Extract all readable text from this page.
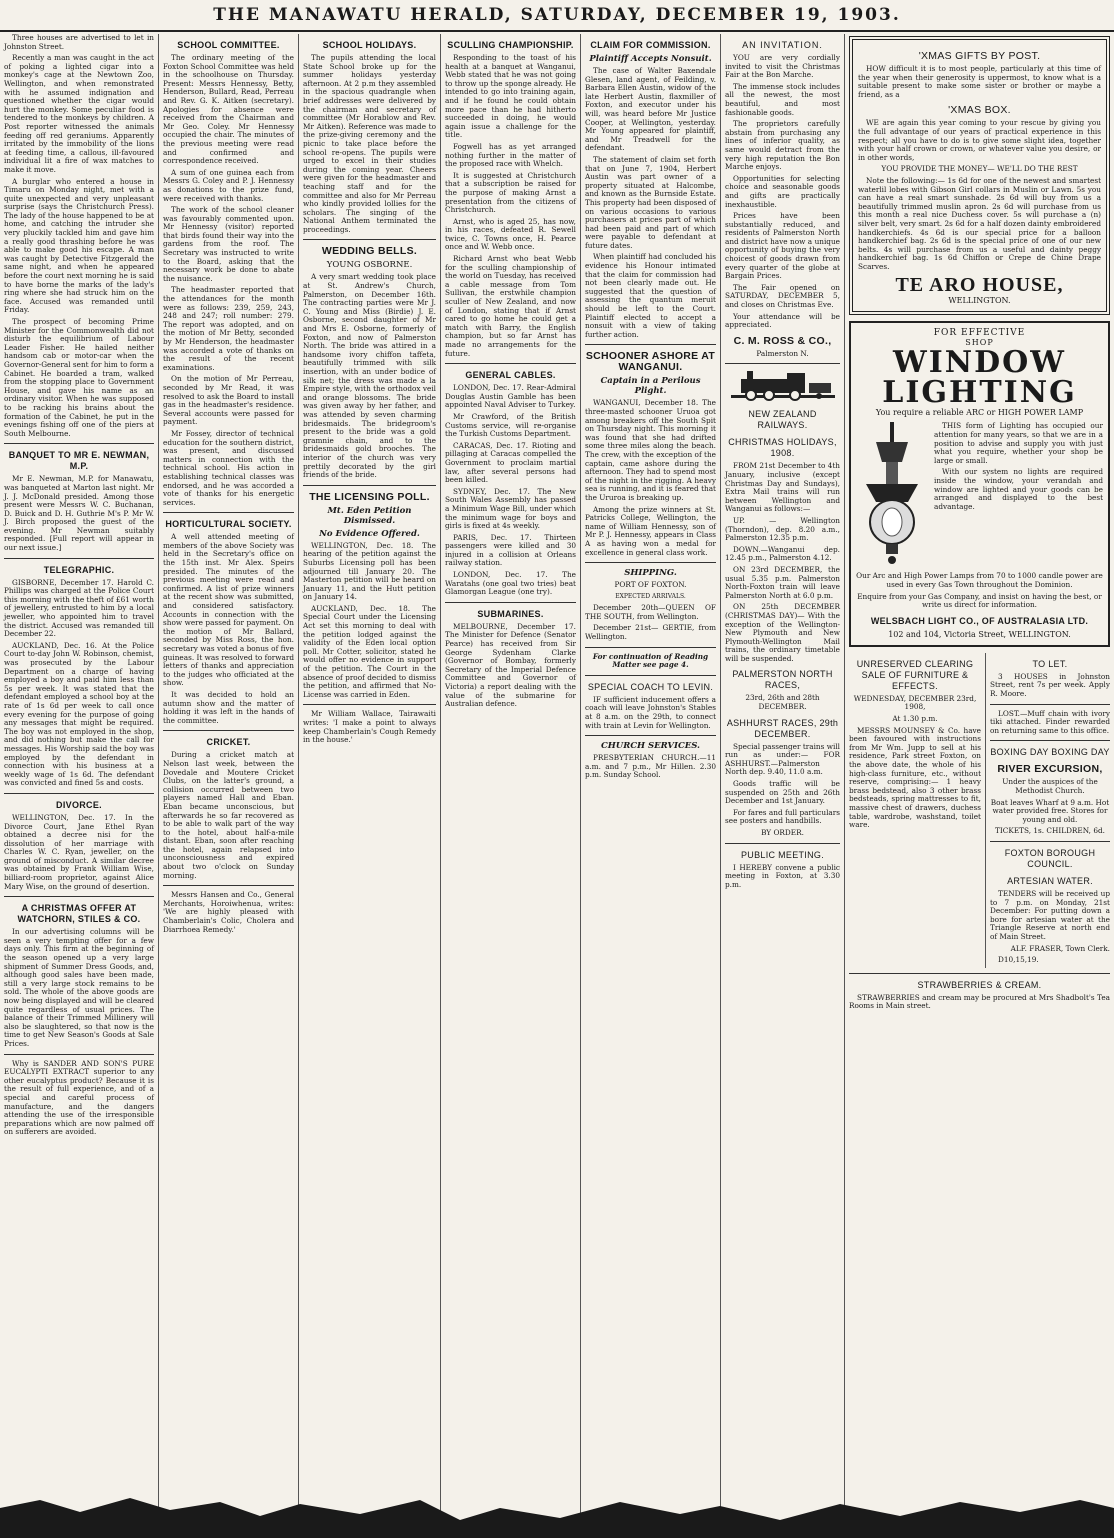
THE MANAWATU HERALD, SATURDAY, DECEMBER 19, 1903.

Three houses are advertised to let in Johnston Street.

Recently a man was caught in the act of poking a lighted cigar into a monkey's cage at the Newtown Zoo, Wellington, and when remonstrated with he assumed indignation and questioned whether the cigar would hurt the monkey. Some peculiar food is tendered to the monkeys by children. A Post reporter witnessed the animals feeding off red geraniums. Apparently irritated by the immobility of the lions at feeding time, a callous, ill-favoured individual lit a fire of wax matches to make it move.

A burglar who entered a house in Timaru on Monday night, met with a quite unexpected and very unpleasant surprise (says the Christchurch Press). The lady of the house happened to be at home, and catching the intruder she very pluckily tackled him and gave him a really good thrashing before he was able to make good his escape. A man was caught by Detective Fitzgerald the same night, and when he appeared before the court next morning he is said to have borne the marks of the lady's ring where she had struck him on the face. Accused was remanded until Friday.

The prospect of becoming Prime Minister for the Commonwealth did not disturb the equilibrium of Labour Leader Fisher. He hailed neither handsom cab or motor-car when the Governor-General sent for him to form a Cabinet. He boarded a tram, walked from the stopping place to Government House, and gave his name as an ordinary visitor. When he was supposed to be racking his brains about the formation of the Cabinet, he put in the evenings fishing off one of the piers at South Melbourne.

BANQUET TO MR E. NEWMAN, M.P.

Mr E. Newman, M.P. for Manawatu, was banqueted at Marton last night. Mr J. J. McDonald presided. Among those present were Messrs W. C. Buchanan, D. Buick and D. H. Guthrie M's P. Mr W. J. Birch proposed the guest of the evening. Mr Newman suitably responded. [Full report will appear in our next issue.]

TELEGRAPHIC.

GISBORNE, December 17. Harold C. Phillips was charged at the Police Court this morning with the theft of £61 worth of jewellery, entrusted to him by a local jeweller, who appointed him to travel the district. Accused was remanded till December 22.

AUCKLAND, Dec. 16. At the Police Court to-day John W. Robinson, chemist, was prosecuted by the Labour Department on a charge of having employed a boy and paid him less than 5s per week. It was stated that the defendant employed a school boy at the rate of 1s 6d per week to call once every evening for the purpose of going any messages that might be required. The boy was not employed in the shop, and did nothing but make the call for messages. His Worship said the boy was employed by the defendant in connection with his business at a weekly wage of 1s 6d. The defendant was convicted and fined 5s and costs.

DIVORCE.

WELLINGTON, Dec. 17. In the Divorce Court, Jane Ethel Ryan obtained a decree nisi for the dissolution of her marriage with Charles W. C. Ryan, jeweller, on the ground of misconduct. A similar decree was obtained by Frank William Wise, billiard-room proprietor, against Alice Mary Wise, on the ground of desertion.

A CHRISTMAS OFFER AT WATCHORN, STILES & CO.

In our advertising columns will be seen a very tempting offer for a few days only. This firm at the beginning of the season opened up a very large shipment of Summer Dress Goods, and, although good sales have been made, still a very large stock remains to be sold. The whole of the above goods are now being displayed and will be cleared quite regardless of usual prices. The balance of their Trimmed Millinery will also be slaughtered, so that now is the time to get New Season's Goods at Sale Prices.

Why is SANDER AND SON'S PURE EUCALYPTI EXTRACT superior to any other eucalyptus product? Because it is the result of full experience, and of a special and careful process of manufacture, and the dangers attending the use of the irresponsible preparations which are now palmed off on sufferers are avoided.

SCHOOL COMMITTEE.

The ordinary meeting of the Foxton School Committee was held in the schoolhouse on Thursday. Present: Messrs Hennessy, Betty, Henderson, Bullard, Read, Perreau and Rev. G. K. Aitken (secretary). Apologies for absence were received from the Chairman and Mr Geo. Coley. Mr Hennessy occupied the chair. The minutes of the previous meeting were read and confirmed and correspondence received.

A sum of one guinea each from Messrs G. Coley and P. J. Hennessy as donations to the prize fund, were received with thanks.

The work of the school cleaner was favourably commented upon. Mr Hennessy (visitor) reported that birds found their way into the gardens from the roof. The Secretary was instructed to write to the Board, asking that the necessary work be done to abate the nuisance.

The headmaster reported that the attendances for the month were as follows: 239, 259, 243, 248 and 247; roll number: 279. The report was adopted, and on the motion of Mr Betty, seconded by Mr Henderson, the headmaster was accorded a vote of thanks on the result of the recent examinations.

On the motion of Mr Perreau, seconded by Mr Read, it was resolved to ask the Board to install gas in the headmaster's residence. Several accounts were passed for payment.

Mr Fossey, director of technical education for the southern district, was present, and discussed matters in connection with the technical school. His action in establishing technical classes was endorsed, and he was accorded a vote of thanks for his energetic services.

HORTICULTURAL SOCIETY.

A well attended meeting of members of the above Society was held in the Secretary's office on the 15th inst. Mr Alex. Speirs presided. The minutes of the previous meeting were read and confirmed. A list of prize winners at the recent show was submitted, and considered satisfactory. Accounts in connection with the show were passed for payment. On the motion of Mr Ballard, seconded by Miss Ross, the hon. secretary was voted a bonus of five guineas. It was resolved to forward letters of thanks and appreciation to the judges who officiated at the show.

It was decided to hold an autumn show and the matter of holding it was left in the hands of the committee.

CRICKET.

During a cricket match at Nelson last week, between the Dovedale and Moutere Cricket Clubs, on the latter's ground, a collision occurred between two players named Hall and Eban. Eban became unconscious, but afterwards he so far recovered as to be able to walk part of the way to the hotel, about half-a-mile distant. Eban, soon after reaching the hotel, again relapsed into unconsciousness and expired about two o'clock on Sunday morning.

Messrs Hansen and Co., General Merchants, Horoiwhenua, writes: 'We are highly pleased with Chamberlain's Colic, Cholera and Diarrhoea Remedy.'

SCHOOL HOLIDAYS.

The pupils attending the local State School broke up for the summer holidays yesterday afternoon. At 2 p.m they assembled in the spacious quadrangle when brief addresses were delivered by the chairman and secretary of committee (Mr Horablow and Rev. Mr Aitken). Reference was made to the prize-giving ceremony and the picnic to take place before the school re-opens. The pupils were urged to excel in their studies during the coming year. Cheers were given for the headmaster and teaching staff and for the committee and also for Mr Perreau who kindly provided lollies for the scholars. The singing of the National Anthem terminated the proceedings.

WEDDING BELLS.
YOUNG OSBORNE.

A very smart wedding took place at St. Andrew's Church, Palmerston, on December 16th. The contracting parties were Mr J. C. Young and Miss (Birdie) J. E. Osborne, second daughter of Mr and Mrs E. Osborne, formerly of Foxton, and now of Palmerston North. The bride was attired in a handsome ivory chiffon taffeta, beautifully trimmed with silk insertion, with an under bodice of silk net; the dress was made a la Empire style, with the orthodox veil and orange blossoms. The bride was given away by her father, and was attended by seven charming bridesmaids. The bridegroom's present to the bride was a gold gramnie chain, and to the bridesmaids gold brooches. The interior of the church was very prettily decorated by the girl friends of the bride.

THE LICENSING POLL.
Mt. Eden Petition Dismissed.
No Evidence Offered.

WELLINGTON, Dec. 18. The hearing of the petition against the Suburbs Licensing poll has been adjourned till January 20. The Masterton petition will be heard on January 11, and the Hutt petition on January 14.

AUCKLAND, Dec. 18. The Special Court under the Licensing Act set this morning to deal with the petition lodged against the validity of the Eden local option poll. Mr Cotter, solicitor, stated he would offer no evidence in support of the petition. The Court in the absence of proof decided to dismiss the petition, and affirmed that No-License was carried in Eden.

Mr William Wallace, Tairawaiti writes: 'I make a point to always keep Chamberlain's Cough Remedy in the house.'

SCULLING CHAMPIONSHIP.

Responding to the toast of his health at a banquet at Wanganui, Webb stated that he was not going to throw up the sponge already. He intended to go into training again, and if he found he could obtain more pace than he had hitherto succeeded in doing, he would again issue a challenge for the title.

Fogwell has as yet arranged nothing further in the matter of the proposed race with Whelch.

It is suggested at Christchurch that a subscription be raised for the purpose of making Arnst a presentation from the citizens of Christchurch.

Arnst, who is aged 25, has now, in his races, defeated R. Sewell twice, C. Towns once, H. Pearce once and W. Webb once.

Richard Arnst who beat Webb for the sculling championship of the world on Tuesday, has received a cable message from Tom Sullivan, the erstwhile champion sculler of New Zealand, and now of London, stating that if Arnst cared to go home he could get a match with Barry, the English champion, but so far Arnst has made no arrangements for the future.

GENERAL CABLES.

LONDON, Dec. 17. Rear-Admiral Douglas Austin Gamble has been appointed Naval Adviser to Turkey.

Mr Crawford, of the British Customs service, will re-organise the Turkish Customs Department.

CARACAS, Dec. 17. Rioting and pillaging at Caracas compelled the Government to proclaim martial law, after several persons had been killed.

SYDNEY, Dec. 17. The New South Wales Assembly has passed a Minimum Wage Bill, under which the minimum wage for boys and girls is fixed at 4s weekly.

PARIS, Dec. 17. Thirteen passengers were killed and 30 injured in a collision at Orleans railway station.

LONDON, Dec. 17. The Waratahs (one goal two tries) beat Glamorgan League (one try).

SUBMARINES.

MELBOURNE, December 17. The Minister for Defence (Senator Pearce) has received from Sir George Sydenham Clarke (Governor of Bombay, formerly Secretary of the Imperial Defence Committee and Governor of Victoria) a report dealing with the value of the submarine for Australian defence.

CLAIM FOR COMMISSION.
Plaintiff Accepts Nonsuit.

The case of Walter Baxendale Glesen, land agent, of Feilding, v. Barbara Ellen Austin, widow of the late Herbert Austin, flaxmiller of Foxton, and executor under his will, was heard before Mr Justice Cooper, at Wellington, yesterday. Mr Young appeared for plaintiff, and Mr Treadwell for the defendant.

The statement of claim set forth that on June 7, 1904, Herbert Austin was part owner of a property situated at Halcombe, and known as the Burnside Estate. This property had been disposed of on various occasions to various purchasers at prices part of which had been paid and part of which were payable to defendant at future dates.

When plaintiff had concluded his evidence his Honour intimated that the claim for commission had not been clearly made out. He suggested that the question of assessing the quantum meruit should be left to the Court. Plaintiff elected to accept a nonsuit with a view of taking further action.

SCHOONER ASHORE AT WANGANUI.
Captain in a Perilous Plight.

WANGANUI, December 18. The three-masted schooner Uruoa got among breakers off the South Spit on Thursday night. This morning it was found that she had drifted some three miles along the beach. The crew, with the exception of the captain, came ashore during the afternoon. They had to spend most of the night in the rigging. A heavy sea is running, and it is feared that the Ururoa is breaking up.

Among the prize winners at St. Patricks College, Wellington, the name of William Hennessy, son of Mr P. J. Hennessy, appears in Class A as having won a medal for excellence in general class work.

SHIPPING.

PORT OF FOXTON.

EXPECTED ARRIVALS.

December 20th—QUEEN OF THE SOUTH, from Wellington.

December 21st— GERTIE, from Wellington.

For continuation of Reading Matter see page 4.

SPECIAL COACH TO LEVIN.

IF sufficient inducement offers a coach will leave Johnston's Stables at 8 a.m. on the 29th, to connect with train at Levin for Wellington.

CHURCH SERVICES.

PRESBYTERIAN CHURCH.—11 a.m. and 7 p.m., Mr Hillen. 2.30 p.m. Sunday School.

AN INVITATION.

YOU are very cordially invited to visit the Christmas Fair at the Bon Marche.

The immense stock includes all the newest, the most beautiful, and most fashionable goods.

The proprietors carefully abstain from purchasing any lines of inferior quality, as same would detract from the very high reputation the Bon Marche enjoys.

Opportunities for selecting choice and seasonable goods and gifts are practically inexhaustible.

Prices have been substantially reduced, and residents of Palmerston North and district have now a unique opportunity of buying the very choicest of goods drawn from every quarter of the globe at Bargain Prices.

The Fair opened on SATURDAY, DECEMBER 5, and closes on Christmas Eve.

Your attendance will be appreciated.

C. M. ROSS & CO.,

Palmerston N.

NEW ZEALAND RAILWAYS.
CHRISTMAS HOLIDAYS, 1908.

FROM 21st December to 4th January, inclusive (except Christmas Day and Sundays), Extra Mail trains will run between Wellington and Wanganui as follows:—

UP. — Wellington (Thorndon), dep. 8.20 a.m., Palmerston 12.35 p.m.

DOWN.—Wanganui dep. 12.45 p.m., Palmerston 4.12.

ON 23rd DECEMBER, the usual 5.35 p.m. Palmerston North-Foxton train will leave Palmerston North at 6.0 p.m.

ON 25th DECEMBER (CHRISTMAS DAY)— With the exception of the Wellington-New Plymouth and New Plymouth-Wellington Mail trains, the ordinary timetable will be suspended.

PALMERSTON NORTH RACES,

23rd, 26th and 28th DECEMBER.

ASHHURST RACES, 29th DECEMBER.

Special passenger trains will run as under:— FOR ASHHURST.—Palmerston North dep. 9.40, 11.0 a.m.

Goods traffic will be suspended on 25th and 26th December and 1st January.

For fares and full particulars see posters and handbills.

BY ORDER.

PUBLIC MEETING.

I HEREBY convene a public meeting in Foxton, at 3.30 p.m.

'XMAS GIFTS BY POST.

HOW difficult it is to most people, particularly at this time of the year when their generosity is uppermost, to know what is a suitable present to make some sister or brother or maybe a friend, as a

'XMAS BOX.

WE are again this year coming to your rescue by giving you the full advantage of our years of practical experience in this respect; all you have to do is to give some slight idea, together with your half crown or crown, or whatever value you desire, or in other words,

YOU PROVIDE THE MONEY— WE'LL DO THE REST

Note the following:— 1s 6d for one of the newest and smartest waterlil lobes with Gibson Girl collars in Muslin or Lawn. 5s you can have a real smart sunshade. 2s 6d will buy from us a beautifully trimmed muslin apron. 2s 6d will purchase from us this month a real nice Duchess cover. 5s will purchase a (n) silver belt, very smart. 2s 6d for a half dozen dainty embroidered handkerchiefs. 4s 6d is our special price for a balloon handkerchief bag. 2s 6d is the special price of one of our new belts. 4s will purchase from us a useful and dainty peggy handkerchief bag. 1s 6d Chiffon or Crepe de Chine Drape Scarves.

TE ARO HOUSE,
WELLINGTON.
FOR EFFECTIVE
SHOP
WINDOW
LIGHTING
You require a reliable ARC or HIGH POWER LAMP

THIS form of Lighting has occupied our attention for many years, so that we are in a position to advise and supply you with just what you require, whether your shop be large or small.

With our system no lights are required inside the window, your verandah and window are lighted and your goods can be arranged and displayed to the best advantage.

Our Arc and High Power Lamps from 70 to 1000 candle power are used in every Gas Town throughout the Dominion.

Enquire from your Gas Company, and insist on having the best, or write us direct for information.

WELSBACH LIGHT CO., OF AUSTRALASIA LTD.
102 and 104, Victoria Street, WELLINGTON.
UNRESERVED CLEARING SALE OF FURNITURE & EFFECTS.

WEDNESDAY, DECEMBER 23rd, 1908,

At 1.30 p.m.

MESSRS MOUNSEY & Co. have been favoured with instructions from Mr Wm. Jupp to sell at his residence, Park street Foxton, on the above date, the whole of his high-class furniture, etc., without reserve, comprising:— 1 heavy brass bedstead, also 3 other brass bedsteads, spring mattresses to fit, massive chest of drawers, duchess table, wardrobe, washstand, toilet ware.

TO LET.

3 HOUSES in Johnston Street, rent 7s per week. Apply R. Moore.

LOST.—Muff chain with ivory tiki attached. Finder rewarded on returning same to this office.

BOXING DAY BOXING DAY
RIVER EXCURSION,

Under the auspices of the Methodist Church.

Boat leaves Wharf at 9 a.m. Hot water provided free. Stores for young and old.

TICKETS, 1s. CHILDREN, 6d.

FOXTON BOROUGH COUNCIL.
ARTESIAN WATER.

TENDERS will be received up to 7 p.m. on Monday, 21st December: For putting down a bore for artesian water at the Triangle Reserve at north end of Main Street.

ALF. FRASER, Town Clerk.

D10,15,19.

STRAWBERRIES & CREAM.

STRAWBERRIES and cream may be procured at Mrs Shadbolt's Tea Rooms in Main street.
